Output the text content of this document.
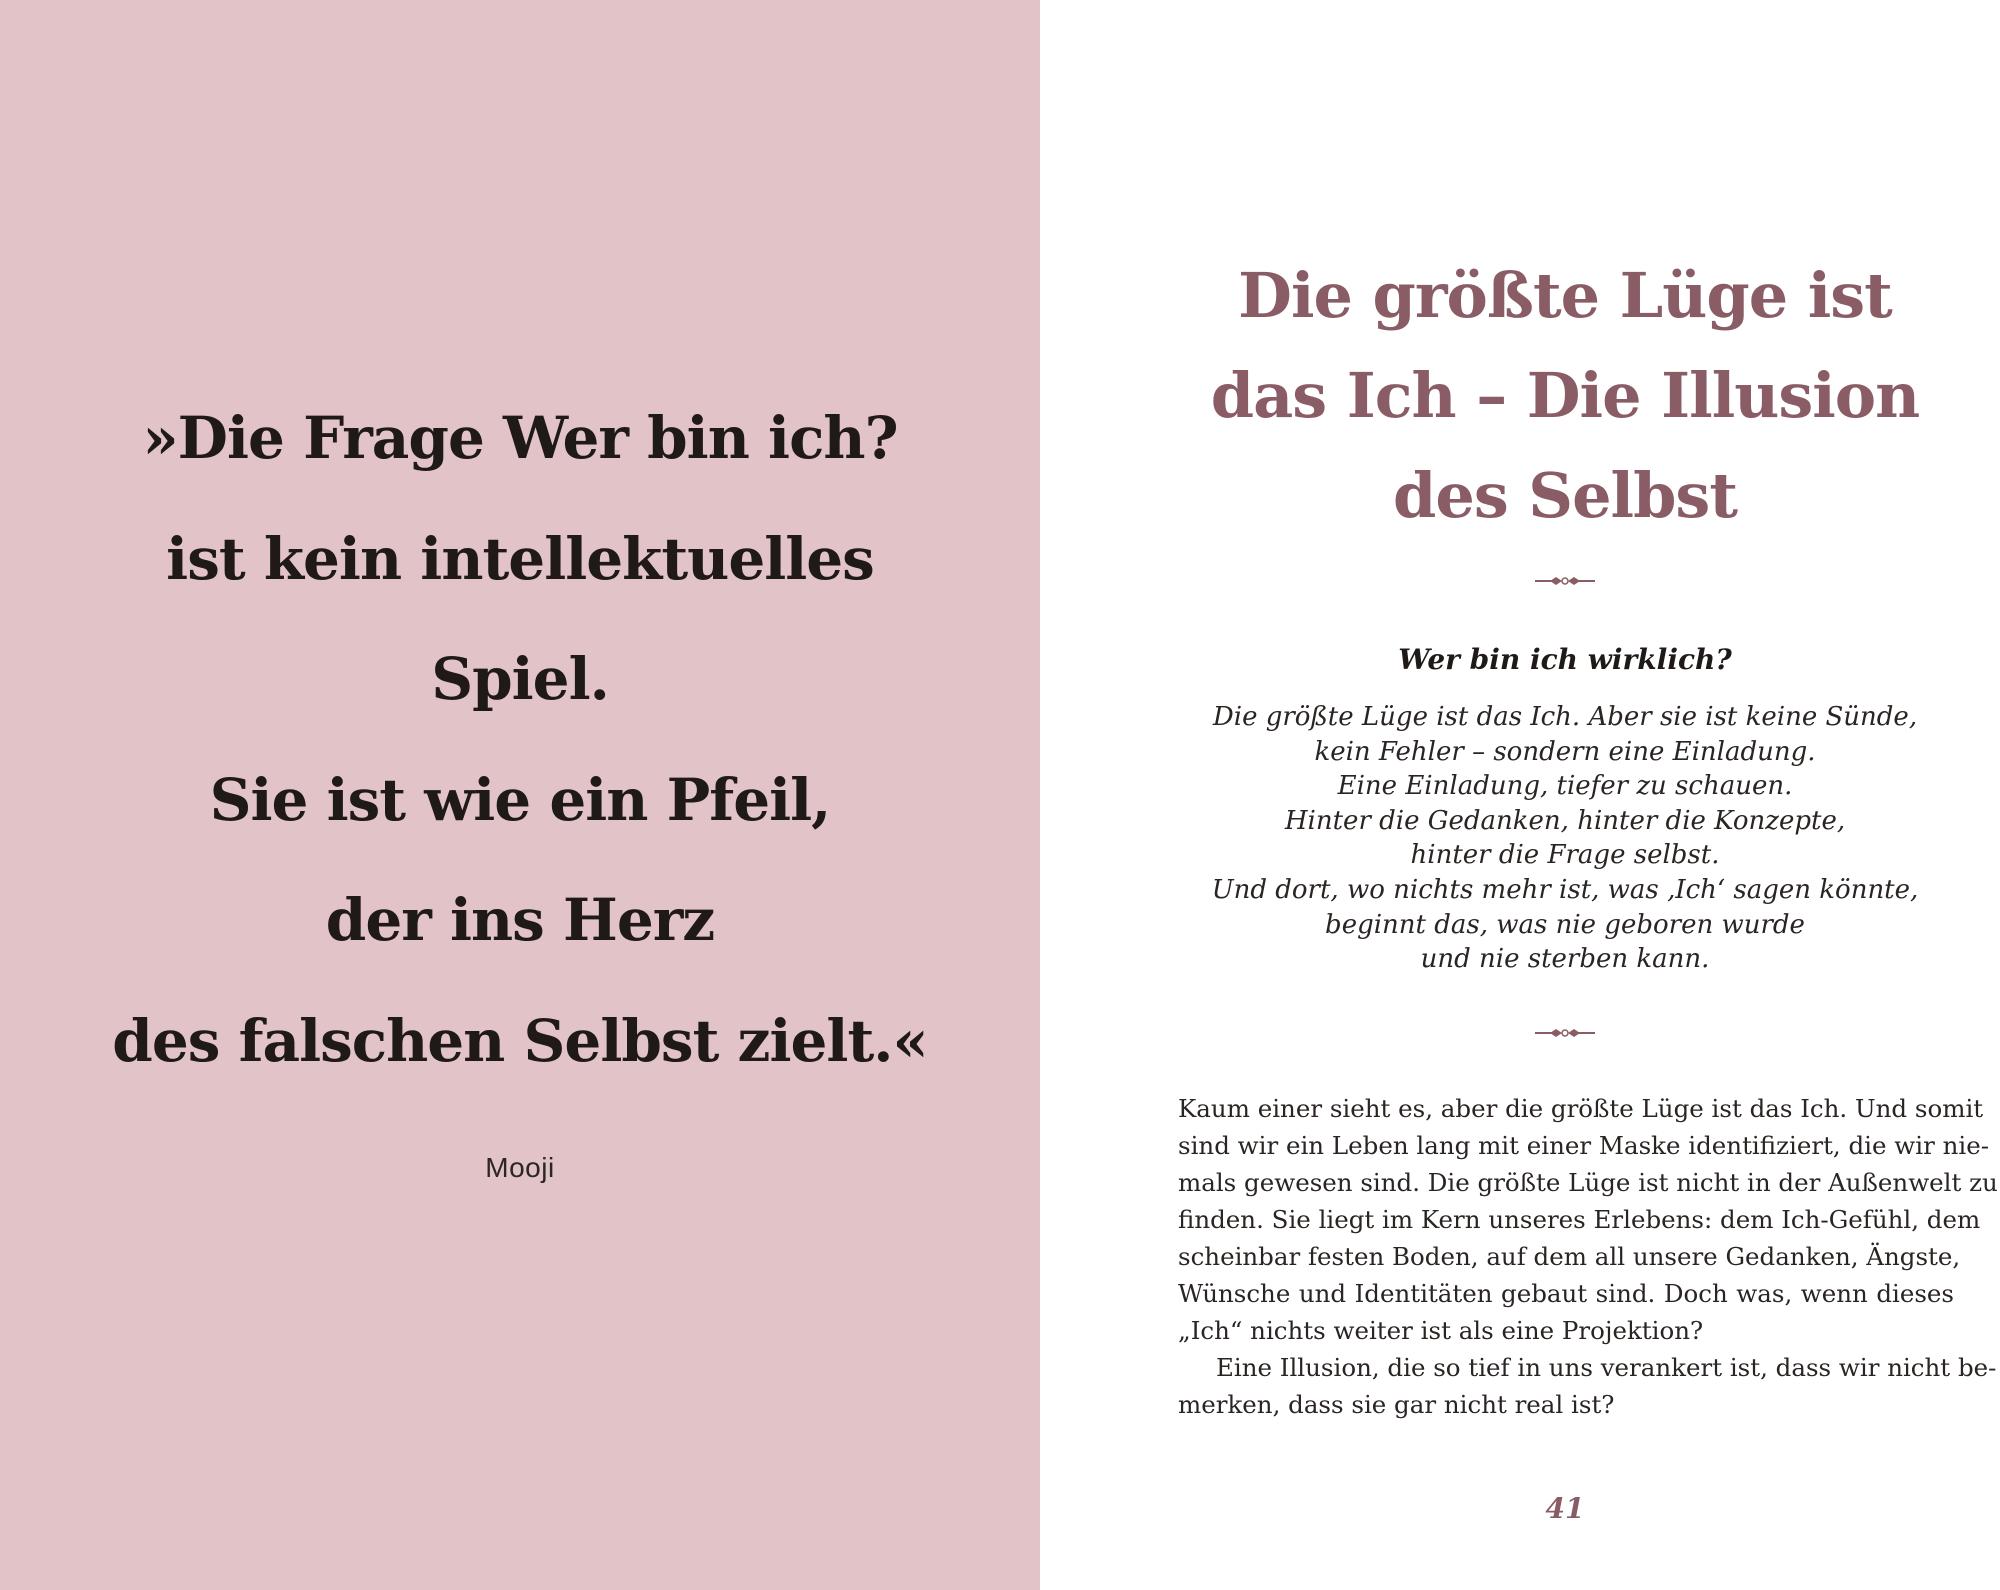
»Die Frage Wer bin ich?
ist kein intellektuelles
Spiel.
Sie ist wie ein Pfeil,
der ins Herz
des falschen Selbst zielt.«
Mooji
Die größte Lüge ist
das Ich – Die Illusion
des Selbst
Wer bin ich wirklich?
Die größte Lüge ist das Ich. Aber sie ist keine Sünde,
kein Fehler – sondern eine Einladung.
Eine Einladung, tiefer zu schauen.
Hinter die Gedanken, hinter die Konzepte,
hinter die Frage selbst.
Und dort, wo nichts mehr ist, was ‚Ich‘ sagen könnte,
beginnt das, was nie geboren wurde
und nie sterben kann.
Kaum einer sieht es, aber die größte Lüge ist das Ich. Und somit
sind wir ein Leben lang mit einer Maske identifiziert, die wir nie-
mals gewesen sind. Die größte Lüge ist nicht in der Außenwelt zu
finden. Sie liegt im Kern unseres Erlebens: dem Ich-Gefühl, dem
scheinbar festen Boden, auf dem all unsere Gedanken, Ängste,
Wünsche und Identitäten gebaut sind. Doch was, wenn dieses
„Ich“ nichts weiter ist als eine Projektion?
Eine Illusion, die so tief in uns verankert ist, dass wir nicht be-
merken, dass sie gar nicht real ist?
41
